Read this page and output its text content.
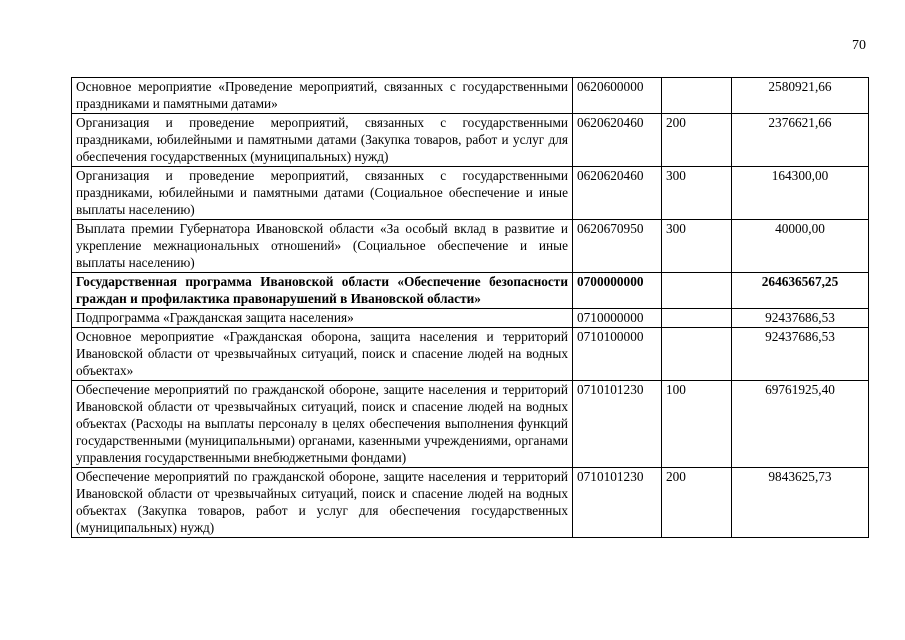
70
Основное мероприятие «Проведение мероприятий, связанных с государственными праздниками и памятными датами»	0620600000		2580921,66
Организация и проведение мероприятий, связанных с государственными праздниками, юбилейными и памятными датами (Закупка товаров, работ и услуг для обеспечения государственных (муниципальных) нужд)	0620620460	200	2376621,66
Организация и проведение мероприятий, связанных с государственными праздниками, юбилейными и памятными датами (Социальное обеспечение и иные выплаты населению)	0620620460	300	164300,00
Выплата премии Губернатора Ивановской области «За особый вклад в развитие и укрепление межнациональных отношений» (Социальное обеспечение и иные выплаты населению)	0620670950	300	40000,00
Государственная программа Ивановской области «Обеспечение безопасности граждан и профилактика правонарушений в Ивановской области»	0700000000		264636567,25
Подпрограмма «Гражданская защита населения»	0710000000		92437686,53
Основное мероприятие «Гражданская оборона, защита населения и территорий Ивановской области от чрезвычайных ситуаций, поиск и спасение людей на водных объектах»	0710100000		92437686,53
Обеспечение мероприятий по гражданской обороне, защите населения и территорий Ивановской области от чрезвычайных ситуаций, поиск и спасение людей на водных объектах (Расходы на выплаты персоналу в целях обеспечения выполнения функций государственными (муниципальными) органами, казенными учреждениями, органами управления государственными внебюджетными фондами)	0710101230	100	69761925,40
Обеспечение мероприятий по гражданской обороне, защите населения и территорий Ивановской области от чрезвычайных ситуаций, поиск и спасение людей на водных объектах (Закупка товаров, работ и услуг для обеспечения государственных (муниципальных) нужд)	0710101230	200	9843625,73
